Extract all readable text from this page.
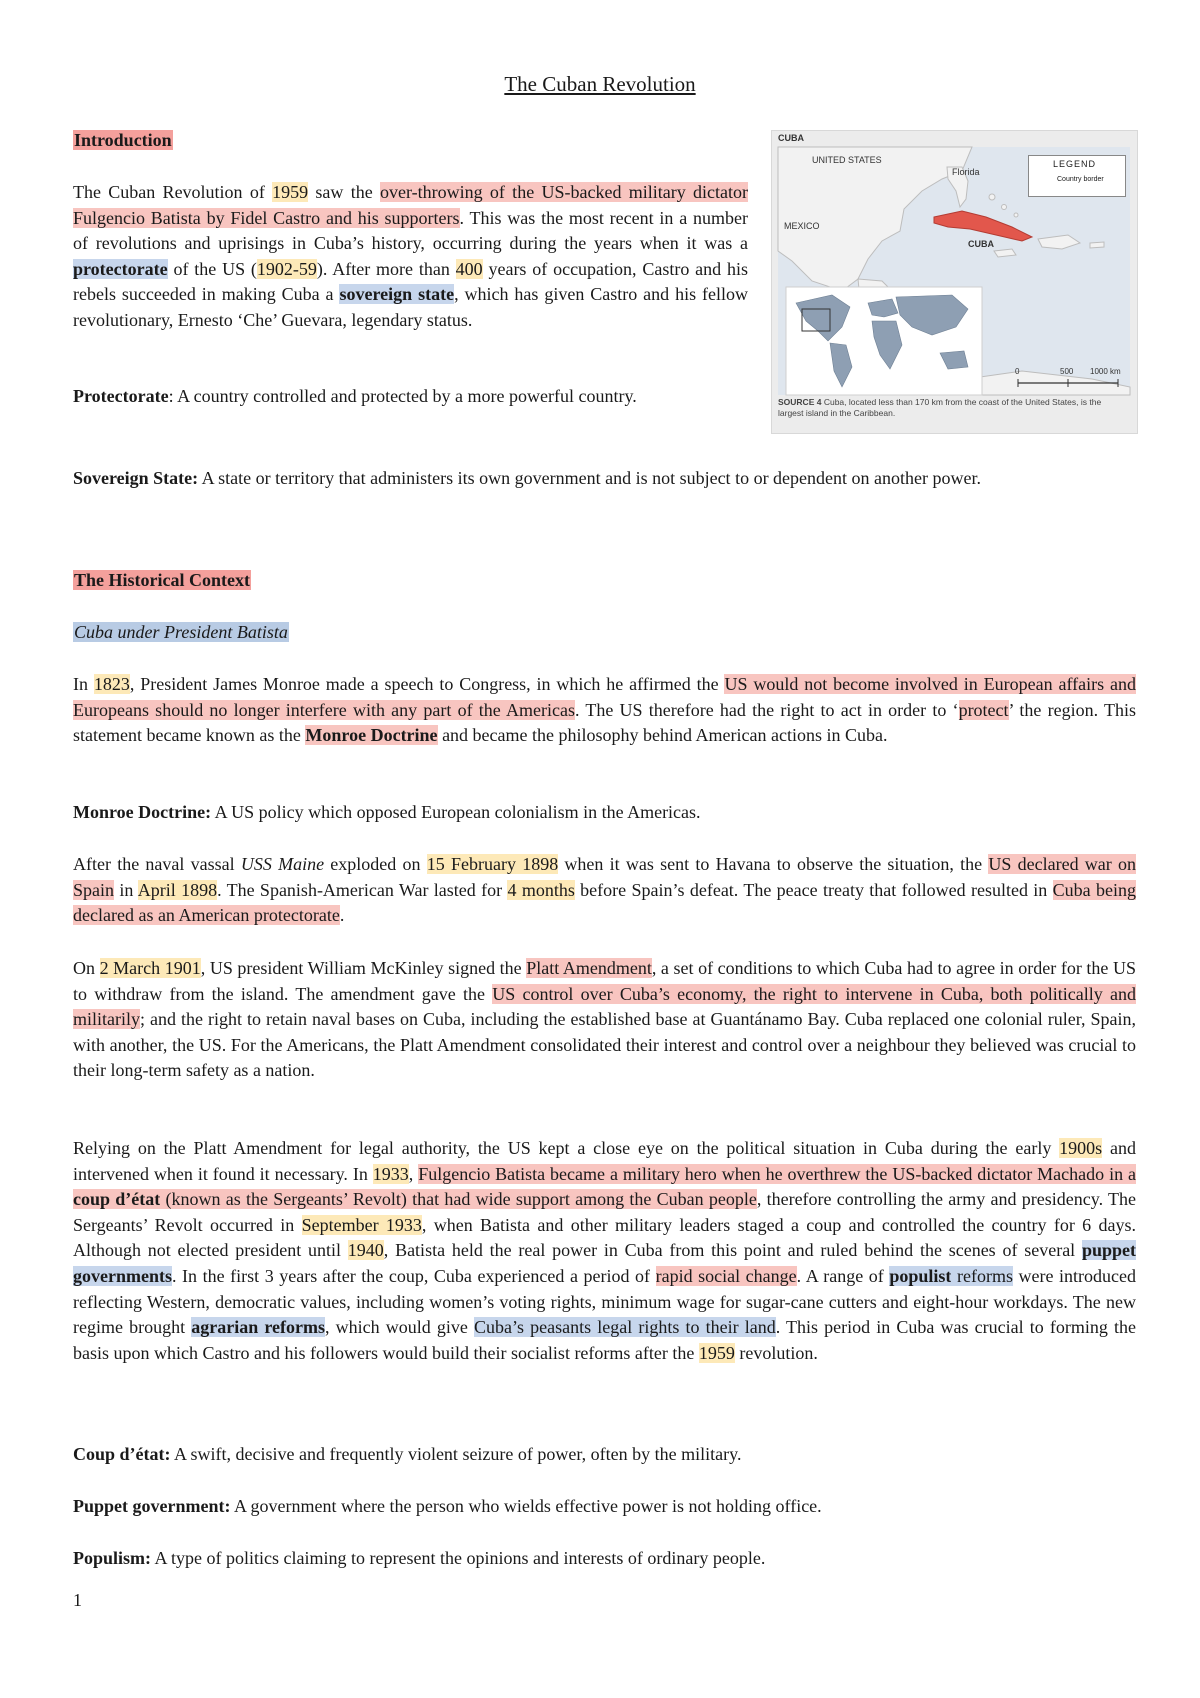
The Cuban Revolution
CUBA
UNITED STATES
Florida
MEXICO
CUBA
LEGEND
Country border
0	500 1000 km
SOURCE 4 Cuba, located less than 170 km from the coast of the United States, is the largest island in the Caribbean.
Introduction
The Cuban Revolution of 1959 saw the over-throwing of the US-backed military dictator Fulgencio Batista by Fidel Castro and his supporters. This was the most recent in a number of revolutions and uprisings in Cuba’s history, occurring during the years when it was a protectorate of the US (1902-59). After more than 400 years of occupation, Castro and his rebels succeeded in making Cuba a sovereign state, which has given Castro and his fellow revolutionary, Ernesto ‘Che’ Guevara, legendary status.
Protectorate: A country controlled and protected by a more powerful country.
Sovereign State: A state or territory that administers its own government and is not subject to or dependent on another power.
The Historical Context
Cuba under President Batista
In 1823, President James Monroe made a speech to Congress, in which he affirmed the US would not become involved in European affairs and Europeans should no longer interfere with any part of the Americas. The US therefore had the right to act in order to ‘protect’ the region. This statement became known as the Monroe Doctrine and became the philosophy behind American actions in Cuba.
Monroe Doctrine: A US policy which opposed European colonialism in the Americas.
After the naval vassal USS Maine exploded on 15 February 1898 when it was sent to Havana to observe the situation, the US declared war on Spain in April 1898. The Spanish-American War lasted for 4 months before Spain’s defeat. The peace treaty that followed resulted in Cuba being declared as an American protectorate.
On 2 March 1901, US president William McKinley signed the Platt Amendment, a set of conditions to which Cuba had to agree in order for the US to withdraw from the island. The amendment gave the US control over Cuba’s economy, the right to intervene in Cuba, both politically and militarily; and the right to retain naval bases on Cuba, including the established base at Guantánamo Bay. Cuba replaced one colonial ruler, Spain, with another, the US. For the Americans, the Platt Amendment consolidated their interest and control over a neighbour they believed was crucial to their long-term safety as a nation.
Relying on the Platt Amendment for legal authority, the US kept a close eye on the political situation in Cuba during the early 1900s and intervened when it found it necessary. In 1933, Fulgencio Batista became a military hero when he overthrew the US-backed dictator Machado in a coup d’état (known as the Sergeants’ Revolt) that had wide support among the Cuban people, therefore controlling the army and presidency. The Sergeants’ Revolt occurred in September 1933, when Batista and other military leaders staged a coup and controlled the country for 6 days. Although not elected president until 1940, Batista held the real power in Cuba from this point and ruled behind the scenes of several puppet governments. In the first 3 years after the coup, Cuba experienced a period of rapid social change. A range of populist reforms were introduced reflecting Western, democratic values, including women’s voting rights, minimum wage for sugar-cane cutters and eight-hour workdays. The new regime brought agrarian reforms, which would give Cuba’s peasants legal rights to their land. This period in Cuba was crucial to forming the basis upon which Castro and his followers would build their socialist reforms after the 1959 revolution.
Coup d’état: A swift, decisive and frequently violent seizure of power, often by the military.
Puppet government: A government where the person who wields effective power is not holding office.
Populism: A type of politics claiming to represent the opinions and interests of ordinary people.
1
